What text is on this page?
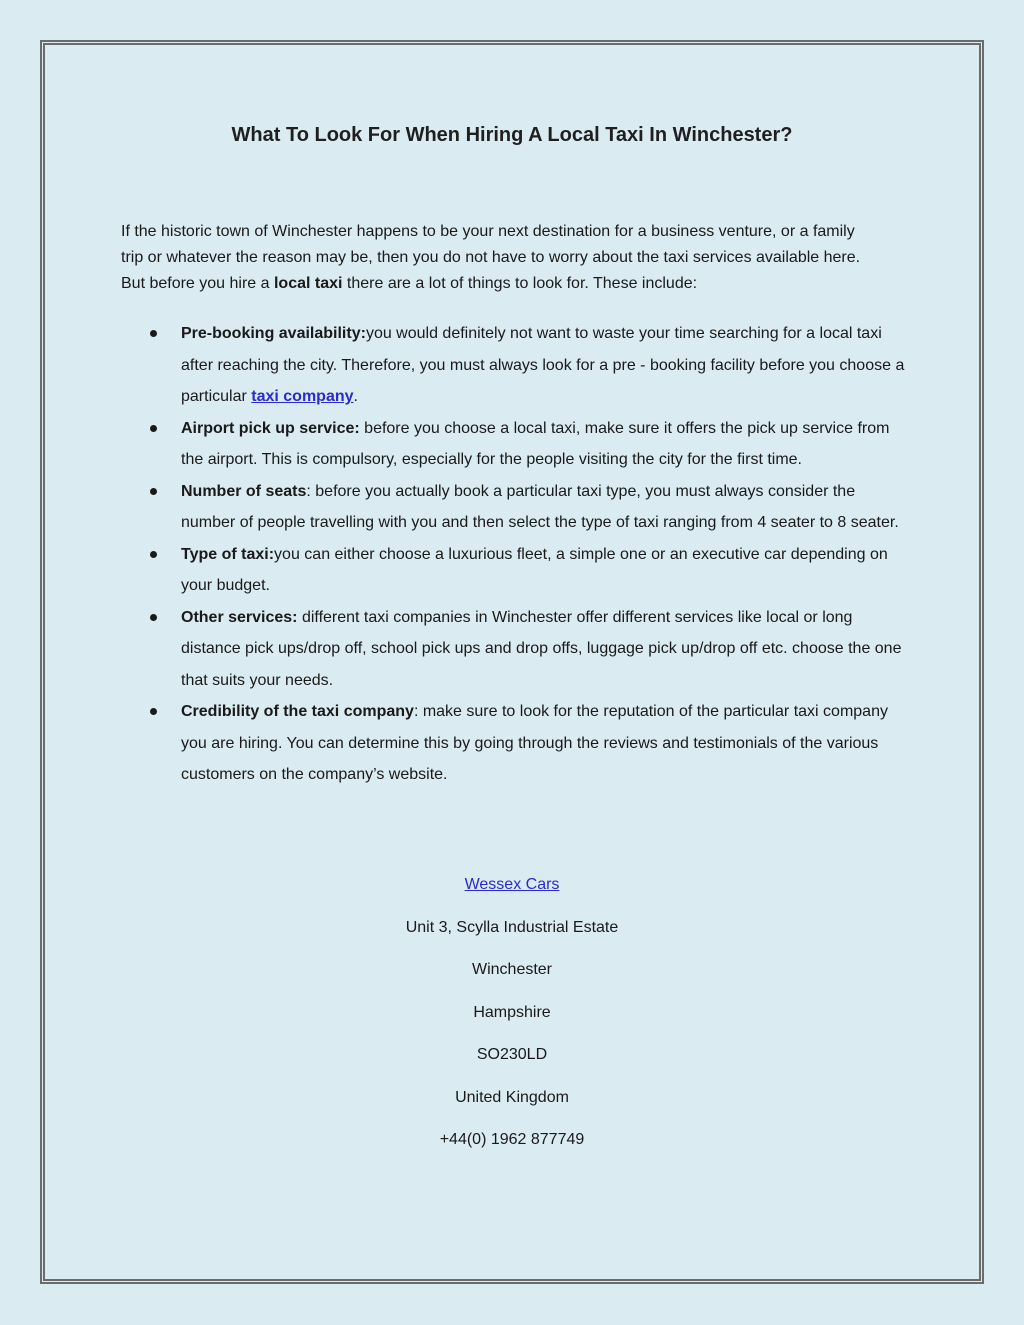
What To Look For When Hiring A Local Taxi In Winchester?

If the historic town of Winchester happens to be your next destination for a business venture, or a family trip or whatever the reason may be, then you do not have to worry about the taxi services available here. But before you hire a local taxi there are a lot of things to look for. These include:

Pre-booking availability:you would definitely not want to waste your time searching for a local taxi after reaching the city. Therefore, you must always look for a pre - booking facility before you choose a particular taxi company.
Airport pick up service: before you choose a local taxi, make sure it offers the pick up service from the airport. This is compulsory, especially for the people visiting the city for the first time.
Number of seats: before you actually book a particular taxi type, you must always consider the number of people travelling with you and then select the type of taxi ranging from 4 seater to 8 seater.
Type of taxi:you can either choose a luxurious fleet, a simple one or an executive car depending on your budget.
Other services: different taxi companies in Winchester offer different services like local or long distance pick ups/drop off, school pick ups and drop offs, luggage pick up/drop off etc. choose the one that suits your needs.
Credibility of the taxi company: make sure to look for the reputation of the particular taxi company you are hiring. You can determine this by going through the reviews and testimonials of the various customers on the company’s website.
Wessex Cars
Unit 3, Scylla Industrial Estate
Winchester
Hampshire
SO230LD
United Kingdom
+44(0) 1962 877749
